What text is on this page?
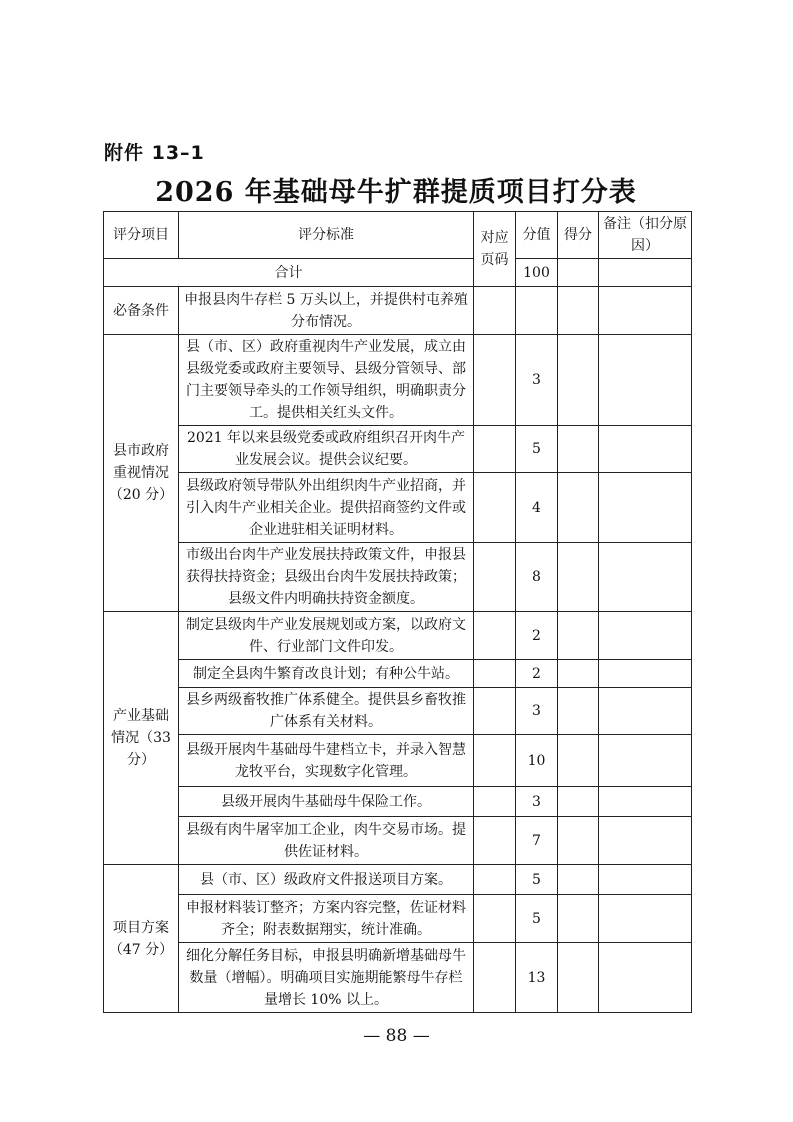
附件 13–1
2026 年基础母牛扩群提质项目打分表
评分项目	评分标准	对应页码	分值	得分	备注（扣分原因）
合计			100		
必备条件	申报县肉牛存栏 5 万头以上，并提供村屯养殖分布情况。				
县市政府重视情况（20 分）	县（市、区）政府重视肉牛产业发展，成立由县级党委或政府主要领导、县级分管领导、部门主要领导牵头的工作领导组织，明确职责分工。提供相关红头文件。		3		
	2021 年以来县级党委或政府组织召开肉牛产业发展会议。提供会议纪要。		5		
	县级政府领导带队外出组织肉牛产业招商，并引入肉牛产业相关企业。提供招商签约文件或企业进驻相关证明材料。		4		
	市级出台肉牛产业发展扶持政策文件，申报县获得扶持资金；县级出台肉牛发展扶持政策；县级文件内明确扶持资金额度。		8		
产业基础情况（33 分）	制定县级肉牛产业发展规划或方案，以政府文件、行业部门文件印发。		2		
	制定全县肉牛繁育改良计划；有种公牛站。		2		
	县乡两级畜牧推广体系健全。提供县乡畜牧推广体系有关材料。		3		
	县级开展肉牛基础母牛建档立卡，并录入智慧龙牧平台，实现数字化管理。		10		
	县级开展肉牛基础母牛保险工作。		3		
	县级有肉牛屠宰加工企业，肉牛交易市场。提供佐证材料。		7		
项目方案（47 分）	县（市、区）级政府文件报送项目方案。		5		
	申报材料装订整齐；方案内容完整，佐证材料齐全；附表数据翔实，统计准确。		5		
	细化分解任务目标，申报县明确新增基础母牛数量（增幅）。明确项目实施期能繁母牛存栏量增长 10% 以上。		13		
— 88 —
